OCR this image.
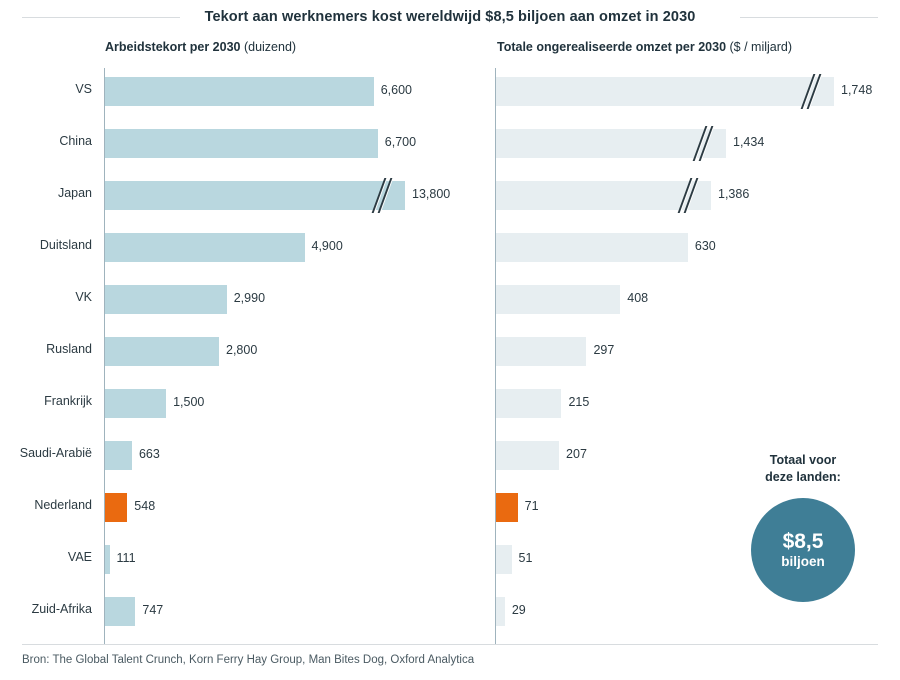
Tekort aan werknemers kost wereldwijd $8,5 biljoen aan omzet in 2030
Arbeidstekort per 2030 (duizend)	Totale ongerealiseerde omzet per 2030 ($ / miljard)
VS	6,600	1,748
China	6,700	1,434
Japan	13,800	1,386
Duitsland	4,900	630
VK	2,990	408
Rusland	2,800	297
Frankrijk	1,500	215
Saudi-Arabië	663	207
Nederland	548	71
VAE 111	51
Zuid-Afrika	747	29
Totaal voor
deze landen:
$8,5
biljoen
Bron: The Global Talent Crunch, Korn Ferry Hay Group, Man Bites Dog, Oxford Analytica
